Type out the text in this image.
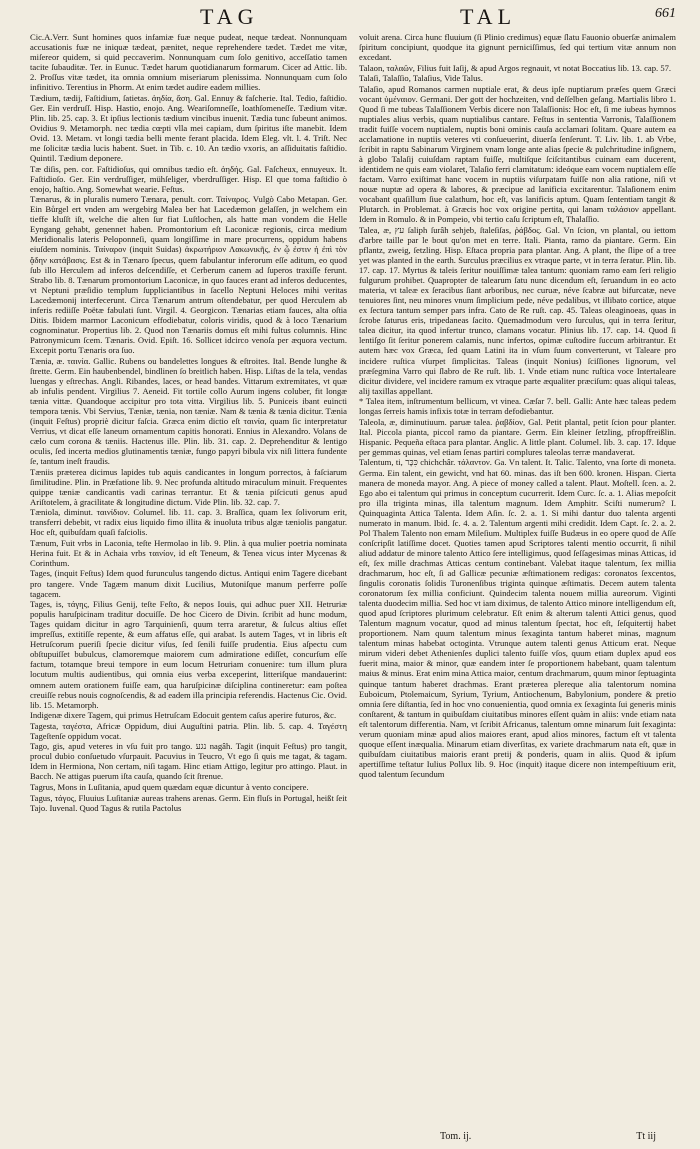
TAG	TAL	661

Cic.A.Verr. Sunt homines quos infamiæ fuæ neque pudeat, neque tædeat. Nonnunquam accusationis fuæ ne iniquæ tædeat, pænitet, neque reprehendere tædet. Tædet me vitæ, miſereor quidem, si quid peccaverim. Nonnunquam cum ſolo genitivo, acceſſatio tamen tacite ſubauditæ. Ter. in Eunuc. Tædet harum quotidianarum formarum. Cicer ad Attic. lib. 2. Proſſus vitæ tædet, ita omnia omnium miseriarum plenissima. Nonnunquam cum ſolo infinitivo. Terentius in Phorm. At enim tædet audire eadem millies.

Tædium, tædij, Faſtidium, ſatietas. ἀηδία, ἄση. Gal. Ennuy & faſcherie. Ital. Tedio, faſtidio. Ger. Ein verdruſſ. Hisp. Hastio, enojo. Ang. Weariſomneſſe, loathſomeneſſe. Tædium vitæ. Plin. lib. 25. cap. 3. Et ipſius lectionis tædium vincibus inuenit. Tædia tunc ſubeunt animos. Ovidius 9. Metamorph. nec tædia cœpti vlla mei capiam, dum ſpiritus iſte manebit. Idem Ovid. 13. Metam. vt longi tædia belli mente ferant placida. Idem Eleg. vlt. l. 4. Triſt. Nec me ſolicitæ tædia lucis habent. Suet. in Tib. c. 10. An tædio vxoris, an aſſiduitatis faſtidio. Quintil. Tædium deponere.

Tæ diſis, pen. cor. Faſtidioſus, qui omnibus tædio eſt. ἀηδής. Gal. Faſcheux, ennuyeux. It. Faſtidioſo. Ger. Ein verdruſſiger, mühſeliger, vberdruſſiger. Hisp. El que toma faſtidio ò enojo, haſtio. Ang. Somewhat wearie. Feſtus.

Tænarus, & in pluralis numero Tænara, penult. corr. Ταίναρος. Vulgò Cabo Metapan. Ger. Ein Bůrgel ert vnden am wergebirg Malea ber hat Lacedæmon gelaſſen, jn welchem ein tieffe kluſſt iſt, welche die alten ſur fiat Luſtlochen, als hatte man vondem die Helle Eyngang gehabt, genennet haben. Promontorium eſt Laconicæ regionis, circa medium Meridionalis lateris Peloponneſi, quam longiſſime in mare procurrens, oppidum habens eiuſdem nominis. Ταίναρον (inquit Suidas) ἀκρωτήριον Λακωνικῆς, ἐν ᾧ ἐστιν ἡ ἐπὶ τὸν ᾅδην κατάβασις. Est & in Tænaro ſpecus, quem fabulantur inferorum eſſe aditum, eo quod ſub illo Herculem ad inferos deſcendiſſe, et Cerberum canem ad ſuperos traxiſſe ferunt. Strabo lib. 8. Tænarum promontorium Laconicæ, in quo fauces erant ad inferos deducentes, vt Neptuni præſidio templum ſuppliciantibus in ſacello Neptuni Heloces mihi veritas Lacedæmonij interfecerunt. Circa Tænarum antrum oſtendebatur, per quod Herculem ab inferis rediiſſe Poëtæ fabulati ſunt. Virgil. 4. Georgicon. Tænarias etiam fauces, alta oſtia Ditis. Ibidem marmor Laconicum effodiebatur, coloris viridis, quod & à loco Tænarium cognominatur. Propertius lib. 2. Quod non Tænariis domus eſt mihi fultus columnis. Hinc Patronymicum ſcem. Tænaris. Ovid. Epiſt. 16. Sollicet idcirco venoſa per æquora vectum. Excepit portu Tænaris ora ſuo.

Tænia, æ. ταινία. Gallic. Rubens ou bandelettes longues & eſtroites. Ital. Bende lunghe & ſtrette. Germ. Ein haubenbendel, bindlinen ſo breitlich haben. Hisp. Liſtas de la tela, vendas luengas y eſtrechas. Angli. Ribandes, laces, or head bandes. Vittarum extremitates, vt quæ ab infulis pendent. Virgilius 7. Aeneid. Fit tortile collo Aurum ingens coluber, fit longæ tænia vittæ. Quandoque accipitur pro tota vitta. Virgilius lib. 5. Puniceis ibant euincti tempora tænis. Vbi Servius, Tæniæ, tænia, non tæniæ. Nam & tænia & tænia dicitur. Tænia (inquit Feſtus) propriè dicitur faſcia. Græca enim dictio eſt ταινία, quam ſic interpretatur Verrius, vt dicat eſſe laneum ornamentum capitis honorati. Ennius in Alexandro. Volans de cælo cum corona & tæniis. Hactenus ille. Plin. lib. 31. cap. 2. Deprehenditur & lentigo oculis, ſed incerta medios glutinamentis tæniæ, fungo papyri bibula vix niſi littera fundente ſe, tantum ineſt fraudis.

Tæniis præterea dicimus lapides tub aquis candicantes in longum porrectos, à faſciarum ſimilitudine. Plin. in Præfatione lib. 9. Nec profunda altitudo miraculum minuit. Frequentes quippe tæniæ candicantis vadi carinas terrantur. Et & tænia piſcicuti genus apud Ariſtotelem, à gracilitate & longitudine dictum. Vide Plin. lib. 32. cap. 7.

Tæniola, diminut. ταινίδιον. Columel. lib. 11. cap. 3. Braſſica, quam lex ſolivorum erit, transferri debebit, vt radix eius liquido fimo illita & inuoluta tribus algæ tæniolis pangatur. Hoc eſt, quibuſdam quaſi faſciolis.

Tænum, Fuit vrbs in Laconia, teſte Hermolao in lib. 9. Plin. à qua mulier poetria nominata Herina fuit. Et & in Achaia vrbs ταινίον, id eſt Teneum, & Tenea vicus inter Mycenas & Corinthum.

Tages, (inquit Feſtus) Idem quod furunculus tangendo dictus. Antiqui enim Tagere dicebant pro tangere. Vnde Tagæm manum dixit Lucilius, Mutoniſque manum perferre poſſe tagacem.

Tages, is, τάγης, Filius Genij, teſte Feſto, & nepos Iouis, qui adhuc puer XII. Hetruriæ populis haruſpicinam traditur docuiſſe. De hoc Cicero de Divin. ſcribit ad hunc modum, Tages quidam dicitur in agro Tarquinienſi, quum terra araretur, & ſulcus altius eſſet impreſſus, extitiſſe repente, & eum affatus eſſe, qui arabat. Is autem Tages, vt in libris eſt Hetruſcorum pueriſi ſpecie dicitur viſus, ſed ſenili fuiſſe prudentia. Eius aſpectu cum obſtupuiſſet bubulcus, clamoremque maiorem cum admiratione ediſſet, concurſum eſſe factum, totamque breui tempore in eum locum Hetruriam conuenire: tum illum plura locutum multis audientibus, qui omnia eius verba exceperint, litteriſque mandauerint: omnem autem orationem fuiſſe eam, qua haruſpicinæ diſciplina contineretur: eam poſtea creuiſſe rebus nouis cognoſcendis, & ad eadem illa principia referendis. Hactenus Cic. Ovid. lib. 15. Metamorph.

Indigenæ dixere Tagem, qui primus Hetruſcam Edocuit gentem caſus aperire futuros, &c.

Tagesta, ταγέστα, Africæ Oppidum, diui Auguſtini patria. Plin. lib. 5. cap. 4. Ταγέστη Tageſtenſe oppidum vocat.

Tago, gis, apud veteres in vſu fuit pro tango. נגע nagâh. Tagit (inquit Feſtus) pro tangit, procul dubio conſuetudo vſurpauit. Pacuvius in Teucro, Vt ego ſi quis me tagat, & tagam. Idem in Hermiona, Non certam, niſi tagam. Hinc etiam Attigo, legitur pro attingo. Plaut. in Bacch. Ne attigas puerum iſta cauſa, quando ſcit ſtrenue.

Tagrus, Mons in Luſitania, apud quem quædam equæ dicuntur à vento concipere.

Tagus, τάγος, Fluuius Luſitaniæ aureas trahens arenas. Germ. Ein fluſs in Portugal, heißt ſeit Tajo. Iuvenal. Quod Tagus & rutila Pactolus

voluit arena. Circa hunc fluuium (ſi Plinio credimus) equæ ſlatu Fauonio obuerſæ animalem ſpiritum concipiunt, quodque ita gignunt perniciſſimus, ſed qui tertium vitæ annum non excedant.

Talaon, ταλαῶν, Filius fuit Iaſij, & apud Argos regnauit, vt notat Boccatius lib. 13. cap. 57.

Talaſi, Talaſſio, Talaſius, Vide Talus.

Talaſio, apud Romanos carmen nuptiale erat, & deus ipſe nuptiarum præſes quem Græci vocant ὑμέναιον. Germani. Der gott der hochzeiten, vnd deſſelben geſang. Martialis libro 1. Quod ſi me tubeas Talaſſionem Verbis dicere non Talaſſionis: Hoc eſt, ſi me iubeas hymnos nuptiales alius verbis, quam nuptialibus cantare. Feſtus in sententia Varronis, Talaſſionem tradit fuiſſe vocem nuptialem, nuptis boni ominis cauſa acclamari ſolitam. Quare autem ea acclamatione in nuptiis veteres vti conſueuerint, diuerſa ſenſerunt. T. Liv. lib. 1. ab Vrbe, ſcribit in raptu Sabinarum Virginem vnam longe ante alias ſpecie & pulchritudine inſignem, à globo Talaſij cuiuſdam raptam fuiſſe, multiſque ſciſcitantibus cuinam eam ducerent, identidem ne quis eam violaret, Talaſio ferri clamitatum: ideóque eam vocem nuptialem eſſe factam. Varro exiſtimat hanc vocem in nuptiis viſurpatam fuiſſe non alia ratione, niſi vt nouæ nuptæ ad opera & labores, & præcipue ad lanificia excitarentur. Talaſionem enim vocabant quaſillum ſiue calathum, hoc eſt, vas lanificis aptum. Quam ſententiam tangit & Plutarch. in Problemat. à Græcis hoc vox origine pertita, qui lanam ταλάσιον appellant. Idem in Romulo. & in Pompeio, vbi tertio caſu ſcriptum eſt, Thalaſſio.

Talea, æ, עץ ſaliph ſurâh sehjeb, ſtaleſiſas, ῥάβδος. Gal. Vn ſcion, vn plantal, ou iettom d'arbre taille par le bout qu'on met en terre. Itali. Pianta, ramo da piantare. Germ. Ein pflantz, zweig, ſetzling. Hisp. Eſtaca propria para plantar. Ang. A plant, the ſlipe of a tree yet was planted in the earth. Surculus præcilius ex vtraque parte, vt in terra ſeratur. Plin. lib. 17. cap. 17. Myrtus & taleis ſeritur nouiſſimæ talea tantum: quoniam ramo eam ſeri religio fulgurum prohibet. Quapropter de talearum ſatu nunc dicendum eſt, ſeruandum in eo acto materia, vt taleæ ex ſeracibus ſiant arboribus, nec curuæ, néve ſcabræ aut bifurcatæ, neve tenuiores ſint, neu minores vnum ſimplicium pede, néve pedalibus, vt illibato cortice, atque ex ſectura tantum semper pars infra. Cato de Re ruſt. cap. 45. Taleas oleaginoeas, quas in ſcrobe ſaturus eris, tripedaneas ſacito. Quemadmodum vero ſurculus, qui in terra ſeritur, talea dicitur, ita quod infertur trunco, clamans vocatur. Plinius lib. 17. cap. 14. Quod ſi lentiſgo ſit ſeritur ponerem calamis, nunc infertos, opimæ cuſtodire ſuccum arbitrantur. Et autem hæc vox Græca, ſed quam Latini ita in vſum ſuum converterunt, vt Taleare pro incidere ruſtica vſurpet ſimplicitas. Taleas (inquit Nonius) ſciſſiones lignorum, vel præſegmina Varro qui ſlabro de Re ruſt. lib. 1. Vnde etiam nunc ruſtica voce Intertaleare dicitur dividere, vel incidere ramum ex vtraque parte æqualiter præciſum: quas aliqui taleas, alij taxillas appellant.

* Talea item, inſtrumentum bellicum, vt vinea. Cæſar 7. bell. Galli: Ante hæc taleas pedem longas ſerreis hamis infixis totæ in terram defodiebantur.

Taleola, æ, diminutiuum. paruæ talea. ῥαβδίον, Gal. Petit plantal, petit ſcion pour planter. Ital. Piccola pianta, piccol ramo da piantare. Germ. Ein kleiner ſetzling, pfropffreißlin. Hispanic. Pequeña eſtaca para plantar. Anglic. A little plant. Columel. lib. 3. cap. 17. Idque per gemmas quinas, vel etiam ſenas partiri complures taleolas terræ mandaverat.

Talentum, ti, כִּכָּר chichchâr. τάλαντον. Ga. Vn talent. It. Talic. Talento, vna ſorte di moneta. Germa. Ein talent, ein gewicht, vnd hat 60. minas. das iſt ben 600. kronen. Hispan. Cierta manera de moneda mayor. Ang. A piece of money called a talent. Plaut. Moſtell. ſcen. a. 2. Ego abo ei talentum qui primus in conceptum cucurrerit. Idem Curc. ſc. a. 1. Alias mepoſcit pro illa triginta minas, illa talentum magnum. Idem Amphitr. Sciſti numerum? I. Quinquaginta Attica Talenta. Idem Aſin. ſc. 2. a. 1. Si mihi dantur duo talenta argenti numerato in manum. Ibid. ſc. 4. a. 2. Talentum argenti mihi credidit. Idem Capt. ſc. 2. a. 2. Pol Thalem Talento non emam Mileſium. Multiplex fuiſſe Budæus in eo opere quod de Aſſe conſcripſit latiſſime docet. Quoties tamen apud Scriptores talenti mentio occurrit, ſi nihil aliud addatur de minore talento Attico ſere intelligimus, quod ſeſſagesimas minas Atticas, id eſt, ſex mille drachmas Atticas centum continebant. Valebat itaque talentum, ſex millia drachmarum, hoc eſt, ſi ad Gallicæ pecuniæ æſtimationem redigas: coronatos ſexcentos, ſingulis coronatis ſolidis Turonenſibus triginta quinque æſtimatis. Decem autem talenta coronatorum ſex millia conficiunt. Quindecim talenta nouem millia aureorum. Viginti talenta duodecim millia. Sed hoc vt iam diximus, de talento Attico minore intelligendum eſt, quod apud ſcriptores plurimum celebratur. Eſt enim & alterum talenti Attici genus, quod Talentum magnum vocatur, quod ad minus talentum ſpectat, hoc eſt, ſeſquitertij habet proportionem. Nam quum talentum minus ſexaginta tantum haberet minas, magnum talentum minas habebat octoginta. Vtrunque autem talenti genus Atticum erat. Neque mirum videri debet Athenienſes duplici talento fuiſſe vſos, quum etiam duplex apud eos fuerit mina, maior & minor, quæ eandem inter ſe proportionem habebant, quam talentum maius & minus. Erat enim mina Attica maior, centum drachmarum, quum minor ſeptuaginta quinque tantum haberet drachmas. Erant præterea plereque alia talentorum nomina Euboicum, Ptolemaicum, Syrium, Tyrium, Antiochenum, Babylonium, pondere & pretio omnia ſere diſtantia, ſed in hoc vno conuenientia, quod omnia ex ſexaginta ſui generis minis conſtarent, & tantum in quibuſdam ciuitatibus minores eſſent quàm in aliis: vnde etiam nata eſt talentorum differentia. Nam, vt ſcribit Africanus, talentum omne minarum ſuit ſexaginta: verum quoniam minæ apud alios maiores erant, apud alios minores, factum eſt vt talenta quoque eſſent inæqualia. Minarum etiam diverſitas, ex variete drachmarum nata eſt, quæ in quibuſdam ciuitatibus maioris erant pretij & ponderis, quam in aliis. Quod & ipſum apertiſſime teſtatur Iulius Pollux lib. 9. Hoc (inquit) itaque dicere non intempeſtiuum erit, quod talentum ſecundum

Tom. ij.	Tt iij
